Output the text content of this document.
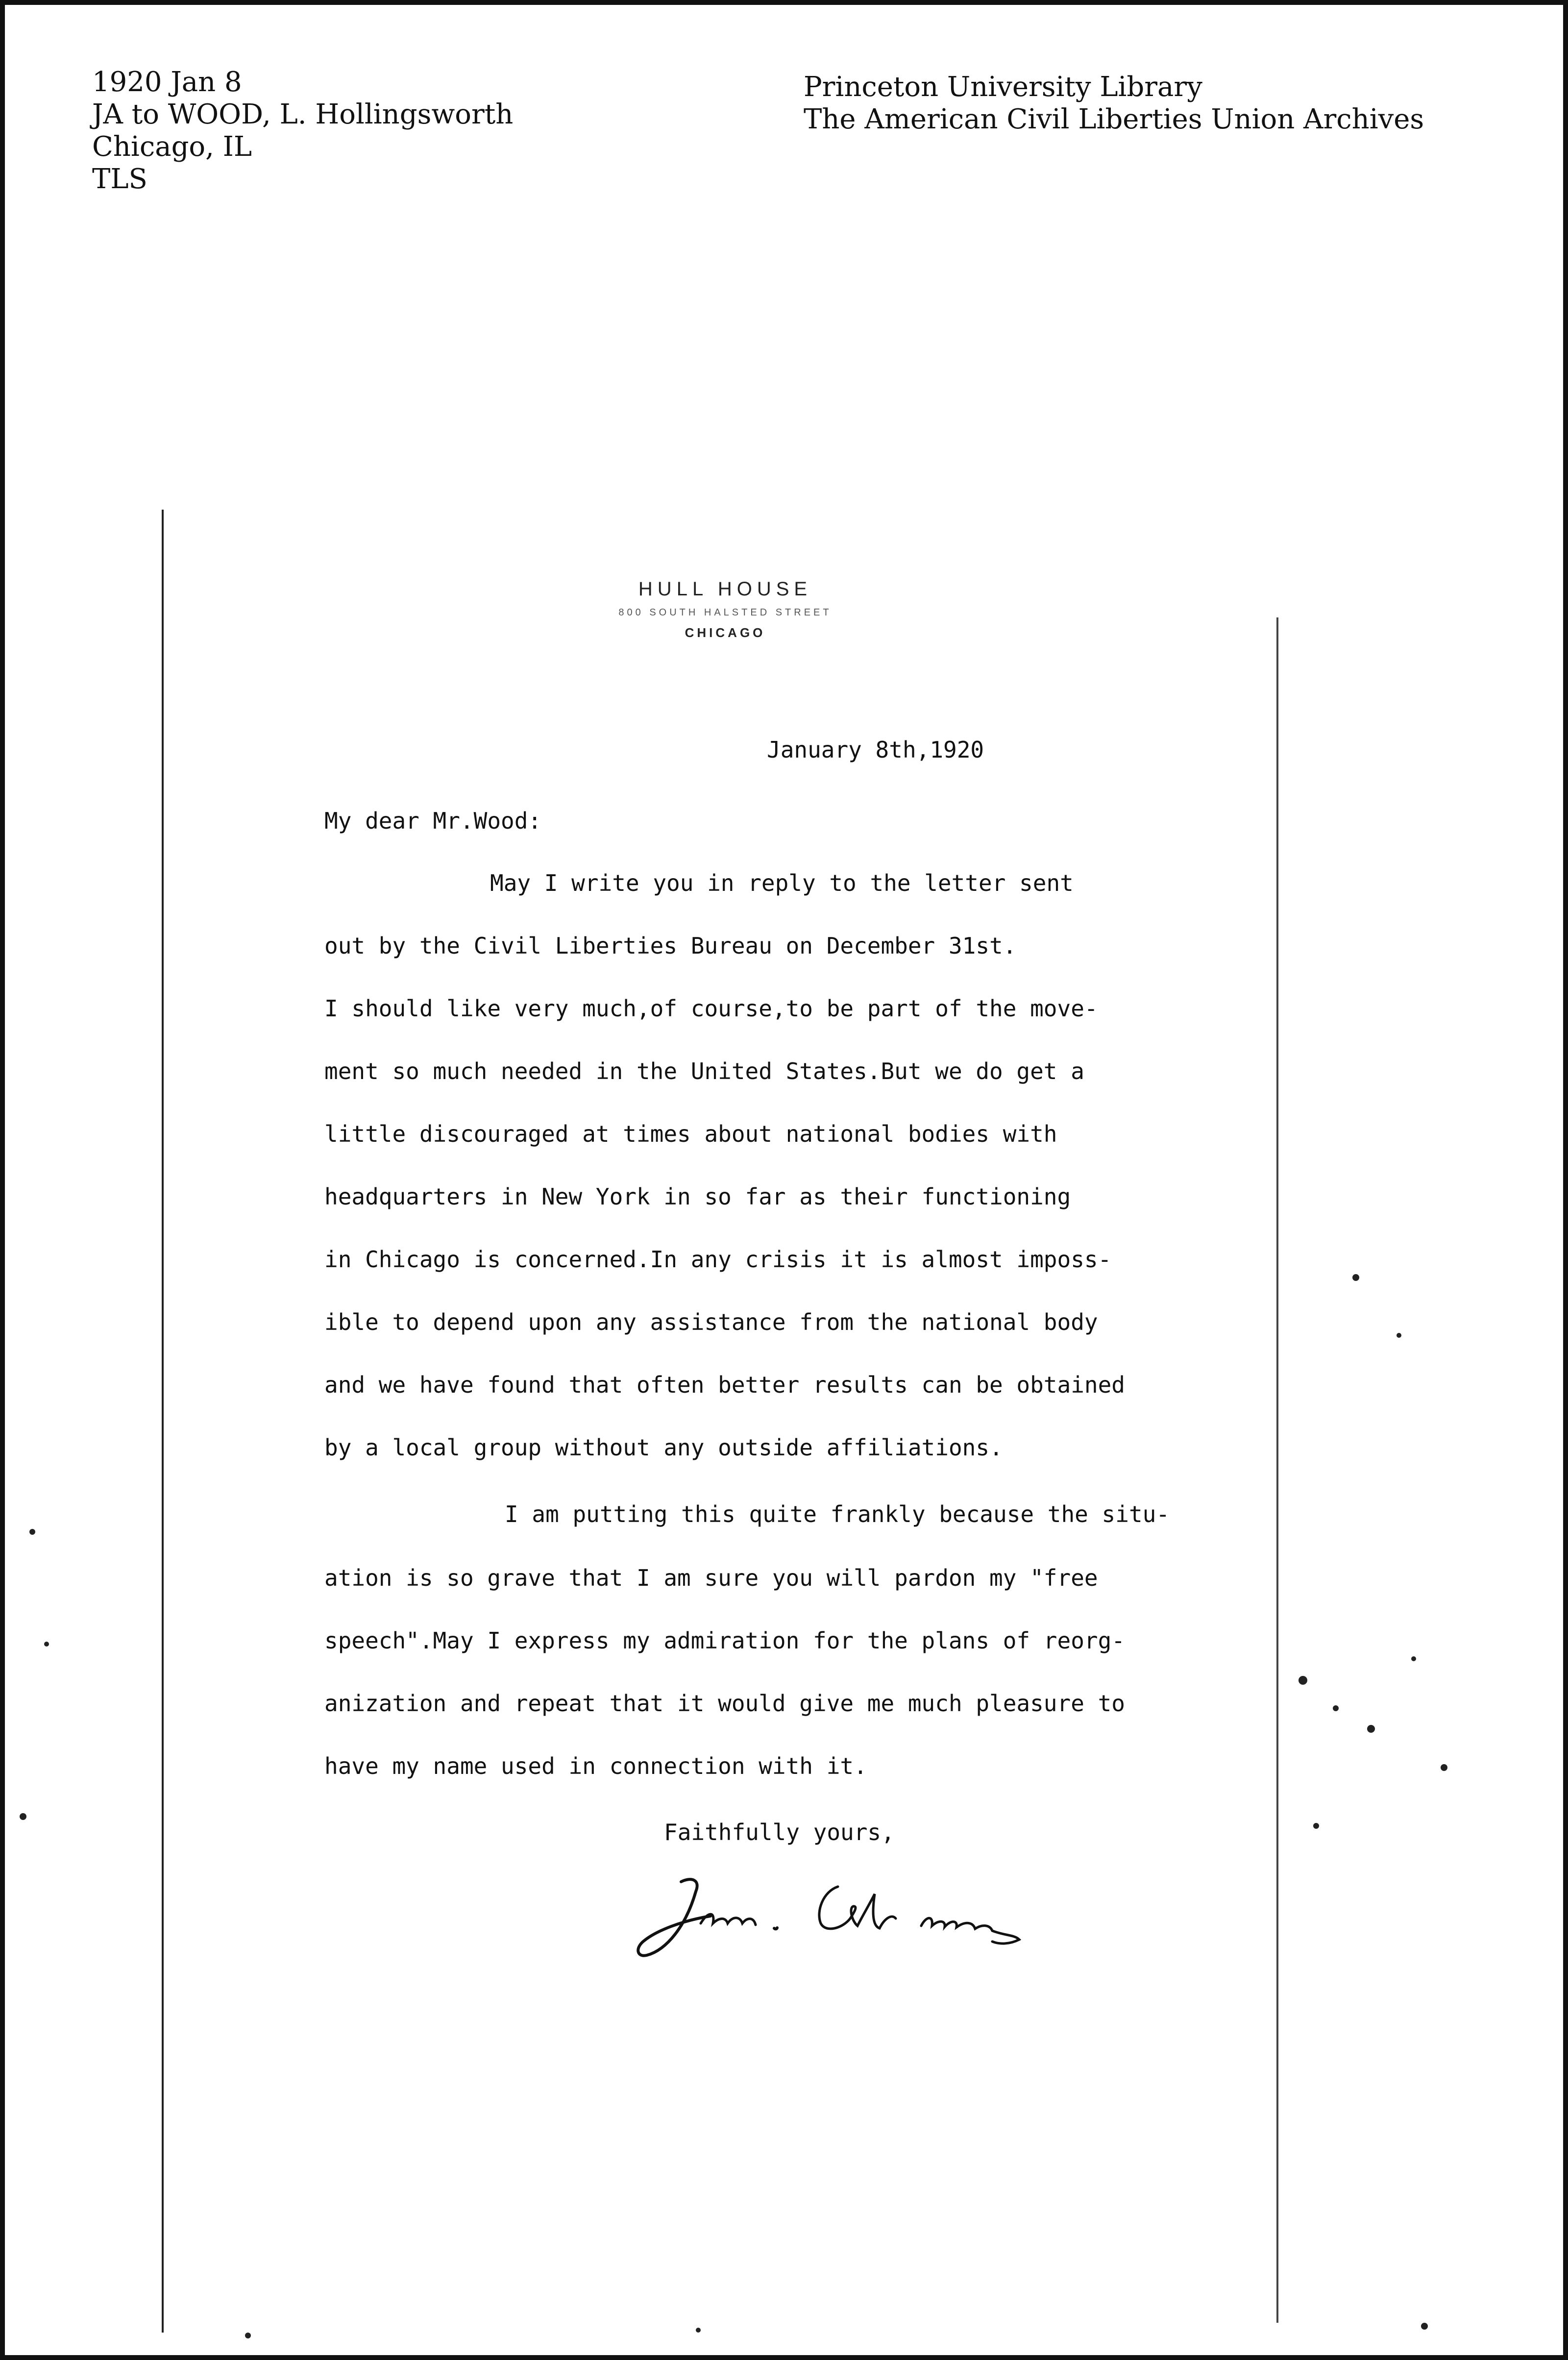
1920 Jan 8
JA to WOOD, L. Hollingsworth
Chicago, IL
TLS
Princeton University Library
The American Civil Liberties Union Archives
HULL HOUSE
800 SOUTH HALSTED STREET
CHICAGO
January 8th,1920
My dear Mr.Wood:
May I write you in reply to the letter sent
out by the Civil Liberties Bureau on December 31st.
I should like very much,of course,to be part of the move-
ment so much needed in the United States.But we do get a
little discouraged at times about national bodies with
headquarters in New York in so far as their functioning
in Chicago is concerned.In any crisis it is almost imposs-
ible to depend upon any assistance from the national body
and we have found that often better results can be obtained
by a local group without any outside affiliations.
I am putting this quite frankly because the situ-
ation is so grave that I am sure you will pardon my "free
speech".May I express my admiration for the plans of reorg-
anization and repeat that it would give me much pleasure to
have my name used in connection with it.
Faithfully yours,
